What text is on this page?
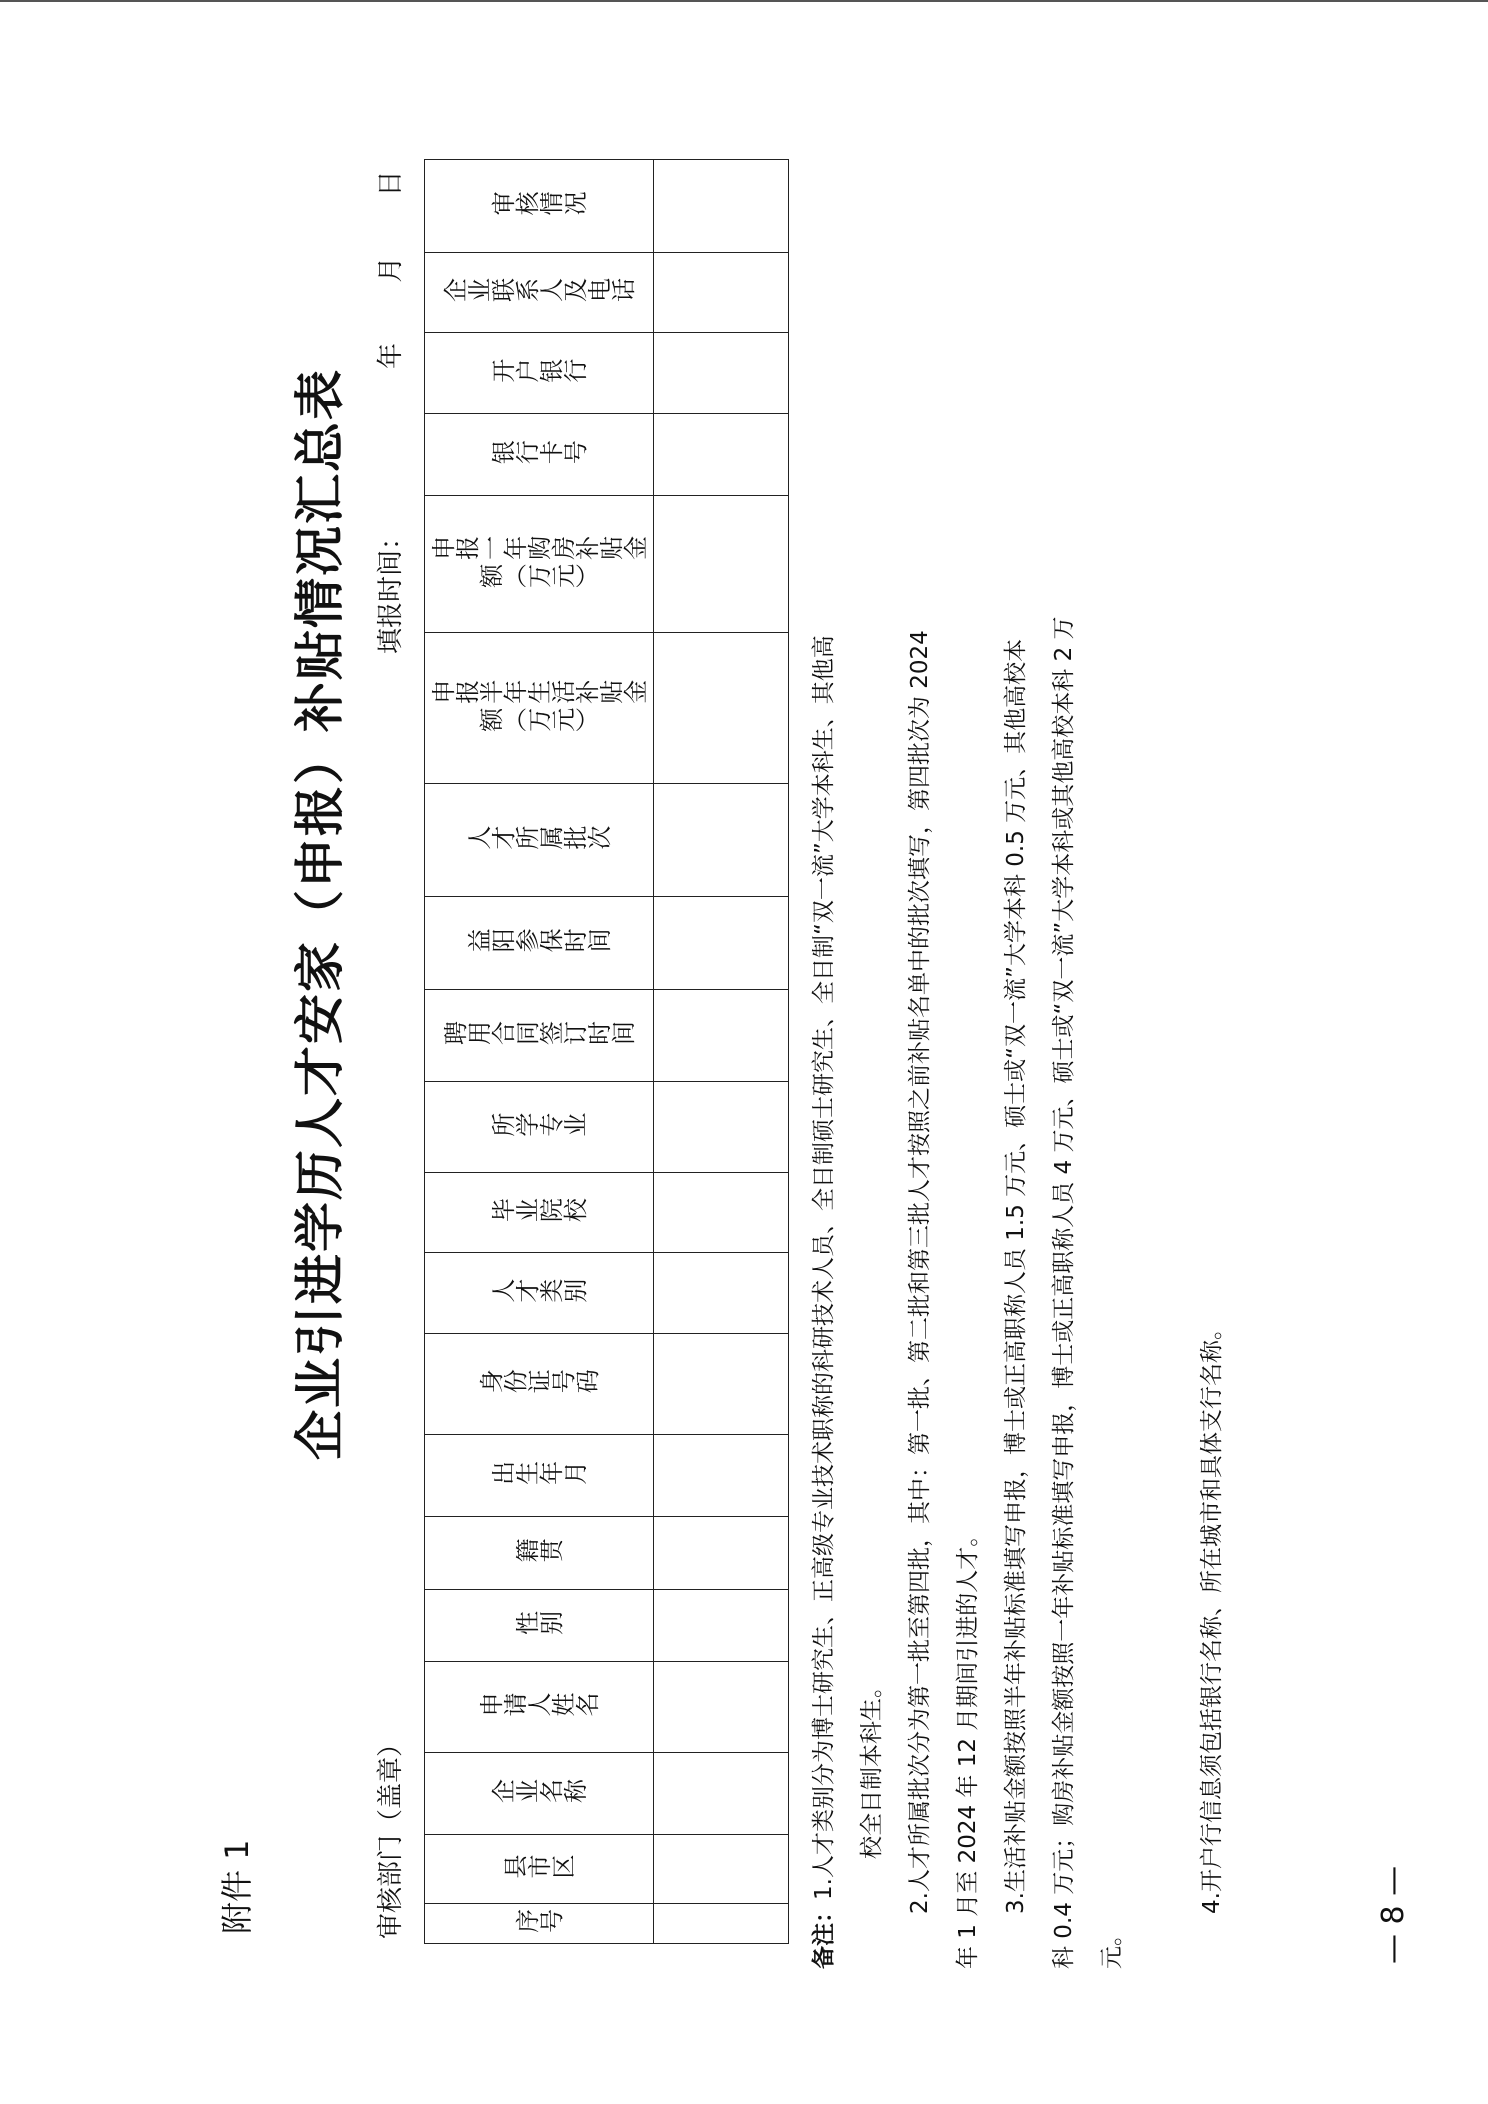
附件 1
企业引进学历人才安家（申报）补贴情况汇总表
审核部门（盖章）
填报时间：
年 月 日
序号	县市区	企业名称	申请人姓名	性别	籍贯	出生年月	身份证号码	人才类别	毕业院校	所学专业	聘用合同签订时间	益阳参保时间	人才所属批次	申报半年生活补贴金额（万元）	申报一年购房补贴金额（万元）	银行卡号	开户银行	企业联系人及电话	审核情况

备注：1.人才类别分为博士研究生、正高级专业技术职称的科研技术人员、全日制硕士研究生、全日制“双一流”大学本科生、其他高 校全日制本科生。 2.人才所属批次分为第一批至第四批，其中：第一批、第二批和第三批人才按照之前补贴名单中的批次填写，第四批次为 2024 年 1 月至 2024 年 12 月期间引进的人才。 3.生活补贴金额按照半年补贴标准填写申报，博士或正高职称人员 1.5 万元、硕士或“双一流”大学本科 0.5 万元、其他高校本 科 0.4 万元；购房补贴金额按照一年补贴标准填写申报，博士或正高职称人员 4 万元、硕士或“双一流”大学本科或其他高校本科 2 万 元。

4.开户行信息须包括银行名称、所在城市和具体支行名称。

— 8 —
